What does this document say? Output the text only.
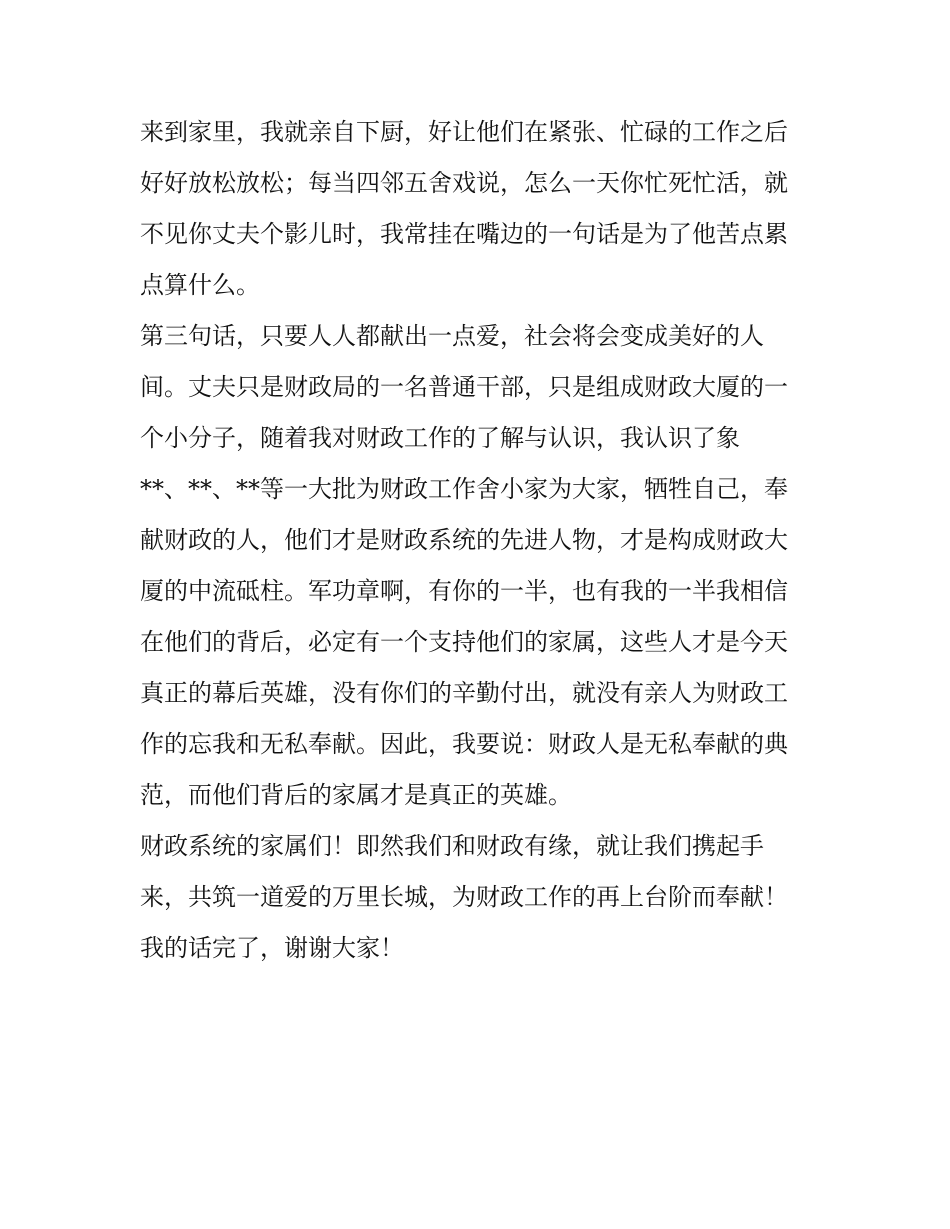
来到家里，我就亲自下厨，好让他们在紧张、忙碌的工作之后
好好放松放松；每当四邻五舍戏说，怎么一天你忙死忙活，就
不见你丈夫个影儿时，我常挂在嘴边的一句话是为了他苦点累
点算什么。
第三句话，只要人人都献出一点爱，社会将会变成美好的人
间。丈夫只是财政局的一名普通干部，只是组成财政大厦的一
个小分子，随着我对财政工作的了解与认识，我认识了象
**、**、**等一大批为财政工作舍小家为大家，牺牲自己，奉
献财政的人，他们才是财政系统的先进人物，才是构成财政大
厦的中流砥柱。军功章啊，有你的一半，也有我的一半我相信
在他们的背后，必定有一个支持他们的家属，这些人才是今天
真正的幕后英雄，没有你们的辛勤付出，就没有亲人为财政工
作的忘我和无私奉献。因此，我要说：财政人是无私奉献的典
范，而他们背后的家属才是真正的英雄。
财政系统的家属们！即然我们和财政有缘，就让我们携起手
来，共筑一道爱的万里长城，为财政工作的再上台阶而奉献！
我的话完了，谢谢大家！
